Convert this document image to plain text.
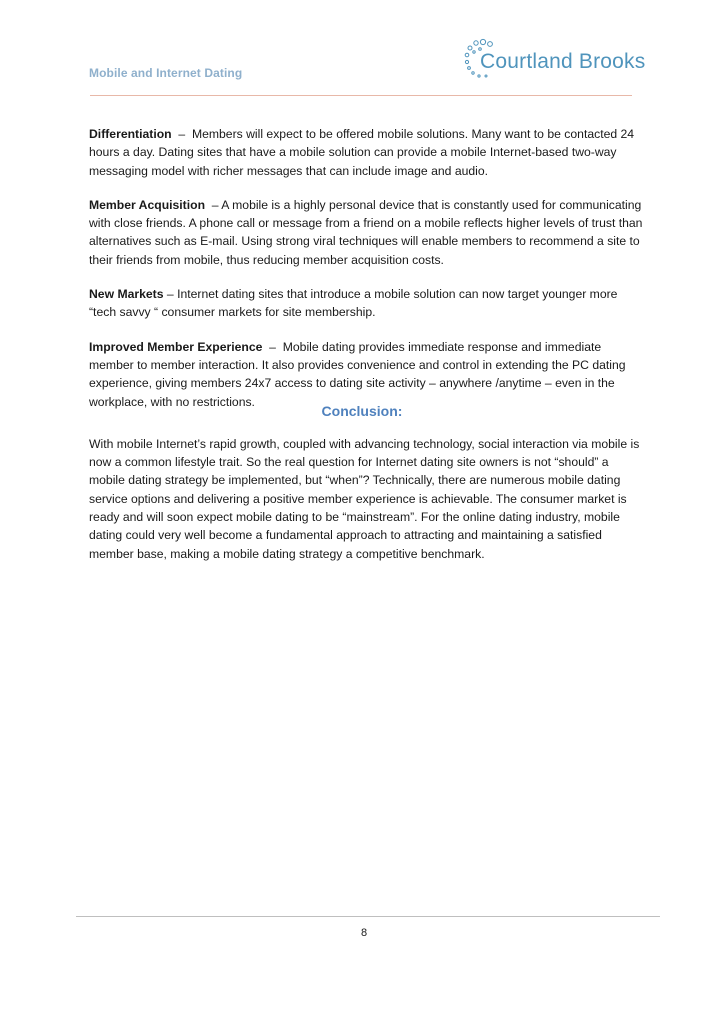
Mobile and Internet Dating	Courtland Brooks

Differentiation  –  Members will expect to be offered mobile solutions. Many want to be contacted 24 hours a day. Dating sites that have a mobile solution can provide a mobile Internet-based two-way messaging model with richer messages that can include image and audio.

Member Acquisition  – A mobile is a highly personal device that is constantly used for communicating with close friends. A phone call or message from a friend on a mobile reflects higher levels of trust than alternatives such as E-mail. Using strong viral techniques will enable members to recommend a site to their friends from mobile, thus reducing member acquisition costs.

New Markets – Internet dating sites that introduce a mobile solution can now target younger more “tech savvy “ consumer markets for site membership.

Improved Member Experience  –  Mobile dating provides immediate response and immediate member to member interaction. It also provides convenience and control in extending the PC dating experience, giving members 24x7 access to dating site activity – anywhere /anytime – even in the workplace, with no restrictions.

Conclusion:

With mobile Internet’s rapid growth, coupled with advancing technology, social interaction via mobile is now a common lifestyle trait. So the real question for Internet dating site owners is not “should” a mobile dating strategy be implemented, but “when”? Technically, there are numerous mobile dating service options and delivering a positive member experience is achievable. The consumer market is ready and will soon expect mobile dating to be “mainstream”. For the online dating industry, mobile dating could very well become a fundamental approach to attracting and maintaining a satisfied member base, making a mobile dating strategy a competitive benchmark.

8
